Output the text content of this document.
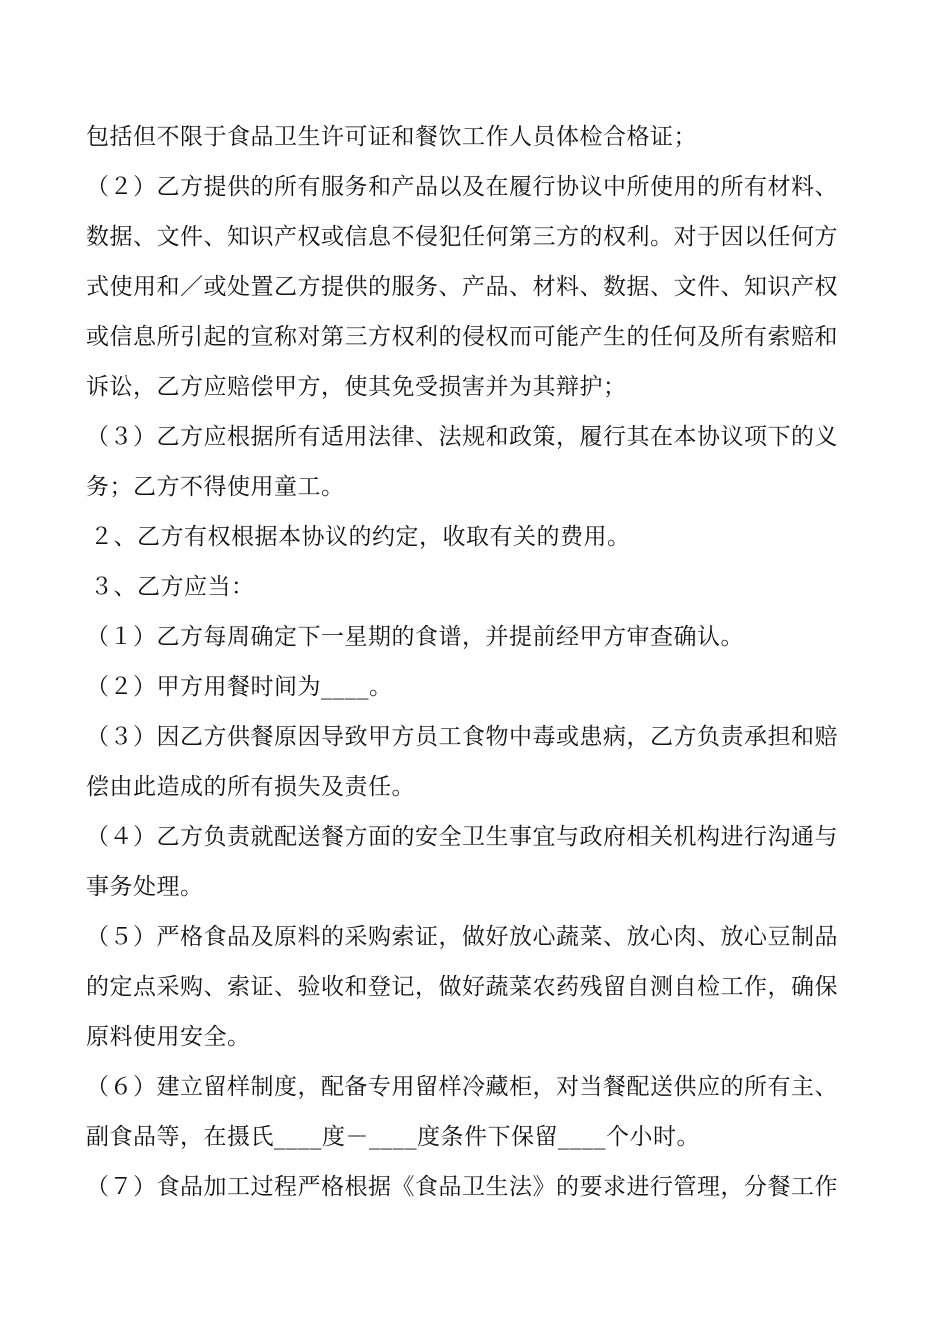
包括但不限于食品卫生许可证和餐饮工作人员体检合格证；
（２）乙方提供的所有服务和产品以及在履行协议中所使用的所有材料、
数据、文件、知识产权或信息不侵犯任何第三方的权利。对于因以任何方
式使用和／或处置乙方提供的服务、产品、材料、数据、文件、知识产权
或信息所引起的宣称对第三方权利的侵权而可能产生的任何及所有索赔和
诉讼，乙方应赔偿甲方，使其免受损害并为其辩护；
（３）乙方应根据所有适用法律、法规和政策，履行其在本协议项下的义
务；乙方不得使用童工。
２、乙方有权根据本协议的约定，收取有关的费用。
３、乙方应当：
（１）乙方每周确定下一星期的食谱，并提前经甲方审查确认。
（２）甲方用餐时间为____。
（３）因乙方供餐原因导致甲方员工食物中毒或患病，乙方负责承担和赔
偿由此造成的所有损失及责任。
（４）乙方负责就配送餐方面的安全卫生事宜与政府相关机构进行沟通与
事务处理。
（５）严格食品及原料的采购索证，做好放心蔬菜、放心肉、放心豆制品
的定点采购、索证、验收和登记，做好蔬菜农药残留自测自检工作，确保
原料使用安全。
（６）建立留样制度，配备专用留样冷藏柜，对当餐配送供应的所有主、
副食品等，在摄氏____度－____度条件下保留____个小时。
（７）食品加工过程严格根据《食品卫生法》的要求进行管理，分餐工作
